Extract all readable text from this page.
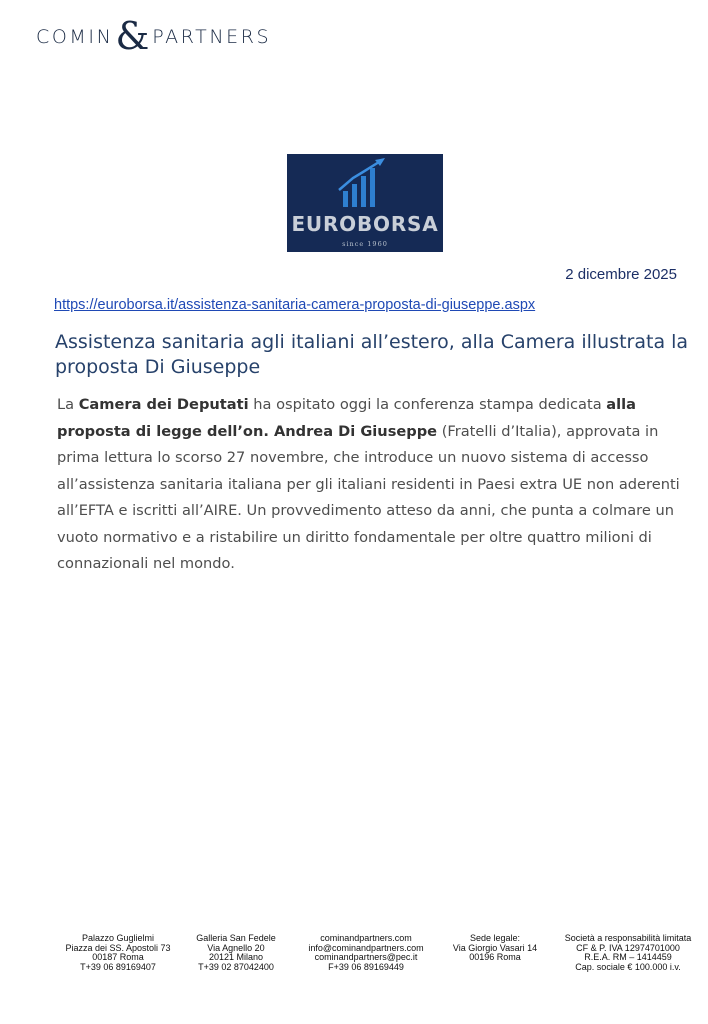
COMIN & PARTNERS
EUROBORSA
since 1960
2 dicembre 2025
https://euroborsa.it/assistenza-sanitaria-camera-proposta-di-giuseppe.aspx
Assistenza sanitaria agli italiani all’estero, alla Camera illustrata la proposta Di Giuseppe

La Camera dei Deputati ha ospitato oggi la conferenza stampa dedicata alla proposta di legge dell’on. Andrea Di Giuseppe (Fratelli d’Italia), approvata in prima lettura lo scorso 27 novembre, che introduce un nuovo sistema di accesso all’assistenza sanitaria italiana per gli italiani residenti in Paesi extra UE non aderenti all’EFTA e iscritti all’AIRE. Un provvedimento atteso da anni, che punta a colmare un vuoto normativo e a ristabilire un diritto fondamentale per oltre quattro milioni di connazionali nel mondo.

Palazzo Guglielmi
Piazza dei SS. Apostoli 73
00187 Roma
T+39 06 89169407
Galleria San Fedele
Via Agnello 20
20121 Milano
T+39 02 87042400
cominandpartners.com
info@cominandpartners.com
cominandpartners@pec.it
F+39 06 89169449
Sede legale:
Via Giorgio Vasari 14
00196 Roma
Società a responsabilità limitata
CF & P. IVA 12974701000
R.E.A. RM – 1414459
Cap. sociale € 100.000 i.v.
